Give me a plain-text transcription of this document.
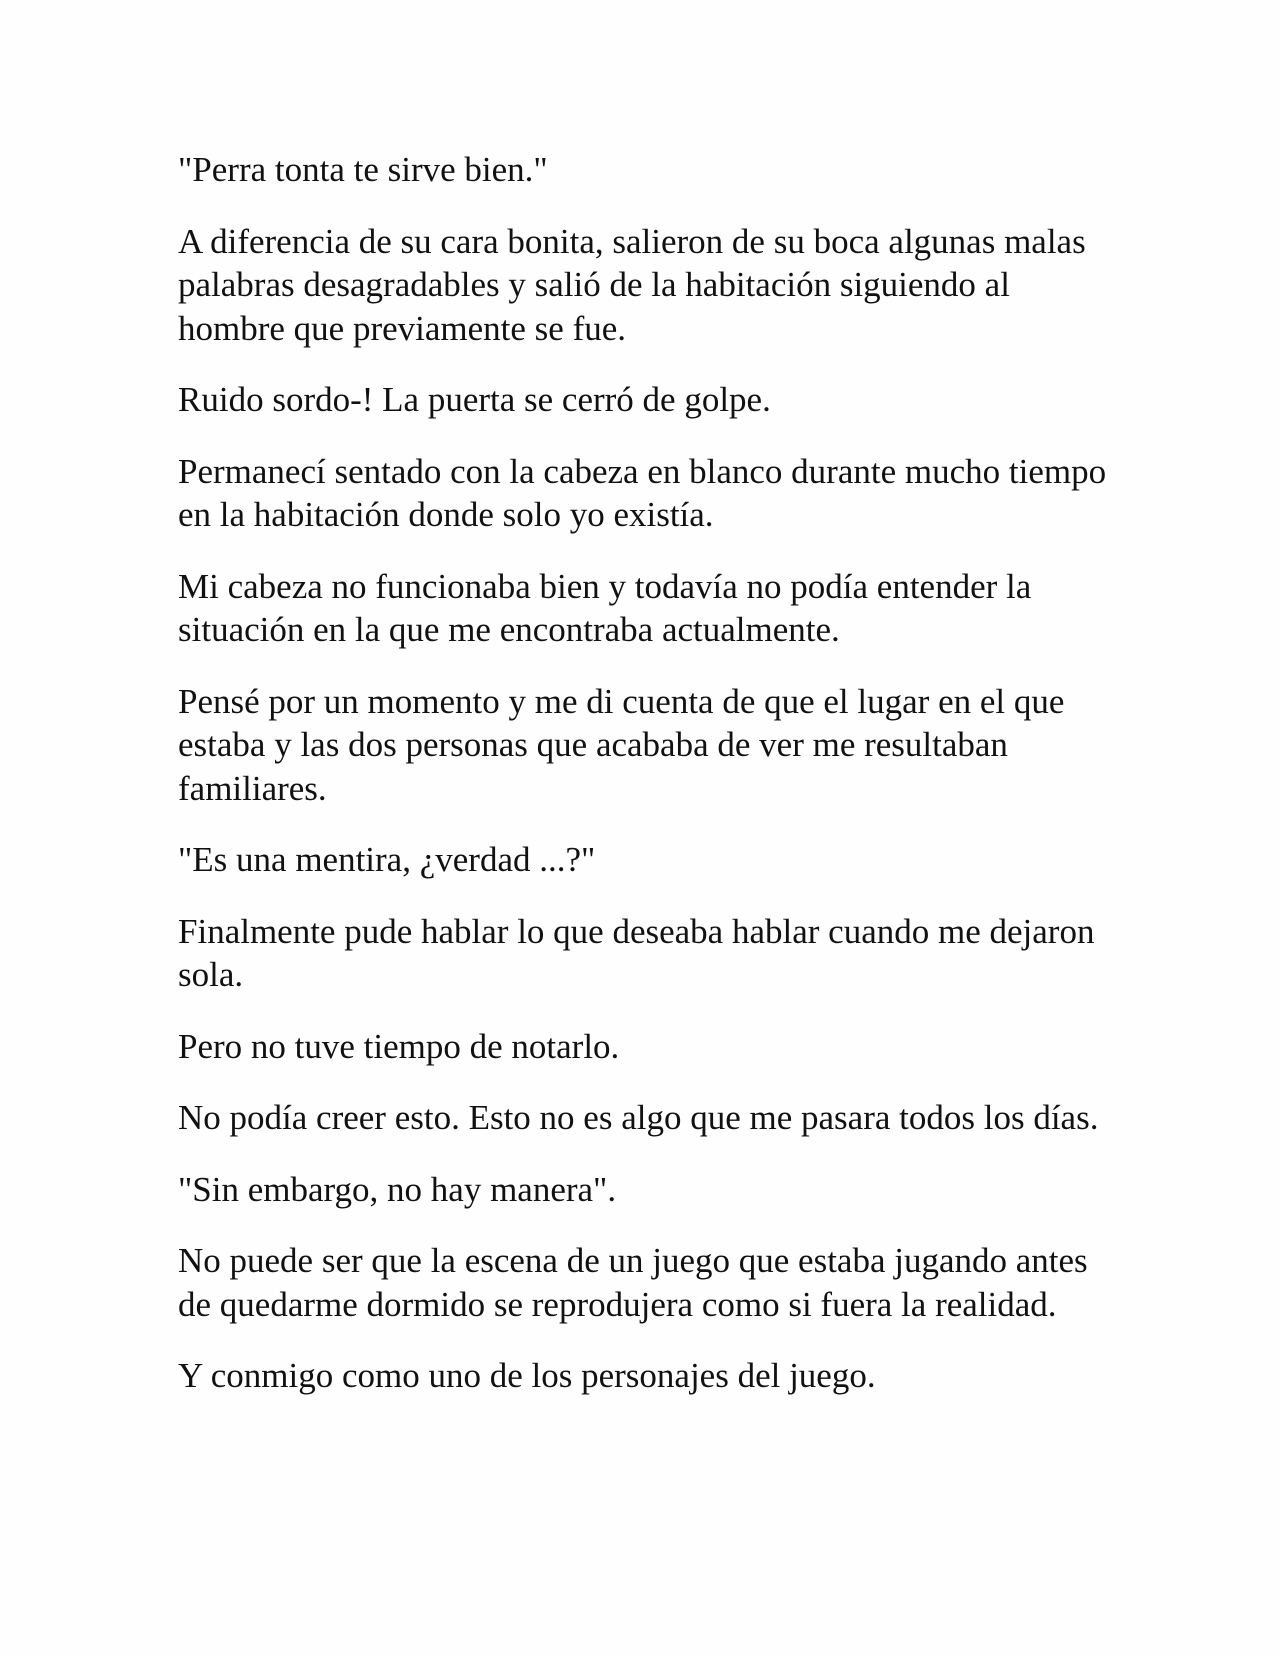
"Perra tonta te sirve bien."

A diferencia de su cara bonita, salieron de su boca algunas malas palabras desagradables y salió de la habitación siguiendo al hombre que previamente se fue.

Ruido sordo-! La puerta se cerró de golpe.

Permanecí sentado con la cabeza en blanco durante mucho tiempo en la habitación donde solo yo existía.

Mi cabeza no funcionaba bien y todavía no podía entender la situación en la que me encontraba actualmente.

Pensé por un momento y me di cuenta de que el lugar en el que estaba y las dos personas que acababa de ver me resultaban familiares.

"Es una mentira, ¿verdad ...?"

Finalmente pude hablar lo que deseaba hablar cuando me dejaron sola.

Pero no tuve tiempo de notarlo.

No podía creer esto. Esto no es algo que me pasara todos los días.

"Sin embargo, no hay manera".

No puede ser que la escena de un juego que estaba jugando antes de quedarme dormido se reprodujera como si fuera la realidad.

Y conmigo como uno de los personajes del juego.
